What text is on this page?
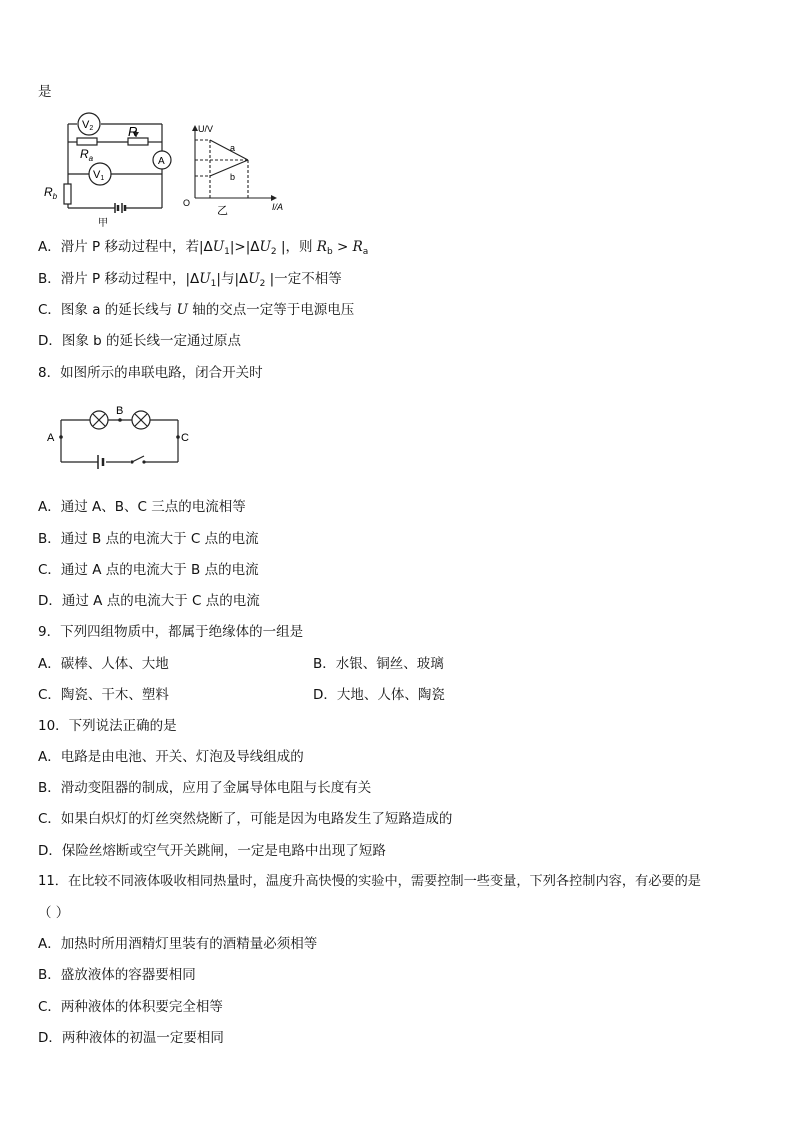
是
V2
V1
A
R
$R_a$
$R_b$
甲
U/V
I/A
O
a
b
乙
A．滑片 P 移动过程中，若$|\Delta U_1|>|\Delta U_2$ |，则 $R_b > R_a$
B．滑片 P 移动过程中，$|\Delta U_1|$与$|\Delta U_2$ |一定不相等
C．图象 a 的延长线与 U 轴的交点一定等于电源电压
D．图象 b 的延长线一定通过原点
8．如图所示的串联电路，闭合开关时
A
B
C
A．通过 A、B、C 三点的电流相等
B．通过 B 点的电流大于 C 点的电流
C．通过 A 点的电流大于 B 点的电流
D．通过 A 点的电流大于 C 点的电流
9．下列四组物质中，都属于绝缘体的一组是
A．碳棒、人体、大地	B．水银、铜丝、玻璃
C．陶瓷、干木、塑料	D．大地、人体、陶瓷
10．下列说法正确的是
A．电路是由电池、开关、灯泡及导线组成的
B．滑动变阻器的制成，应用了金属导体电阻与长度有关
C．如果白炽灯的灯丝突然烧断了，可能是因为电路发生了短路造成的
D．保险丝熔断或空气开关跳闸，一定是电路中出现了短路
11．在比较不同液体吸收相同热量时，温度升高快慢的实验中，需要控制一些变量，下列各控制内容，有必要的是
（ ）
A．加热时所用酒精灯里装有的酒精量必须相等
B．盛放液体的容器要相同
C．两种液体的体积要完全相等
D．两种液体的初温一定要相同
